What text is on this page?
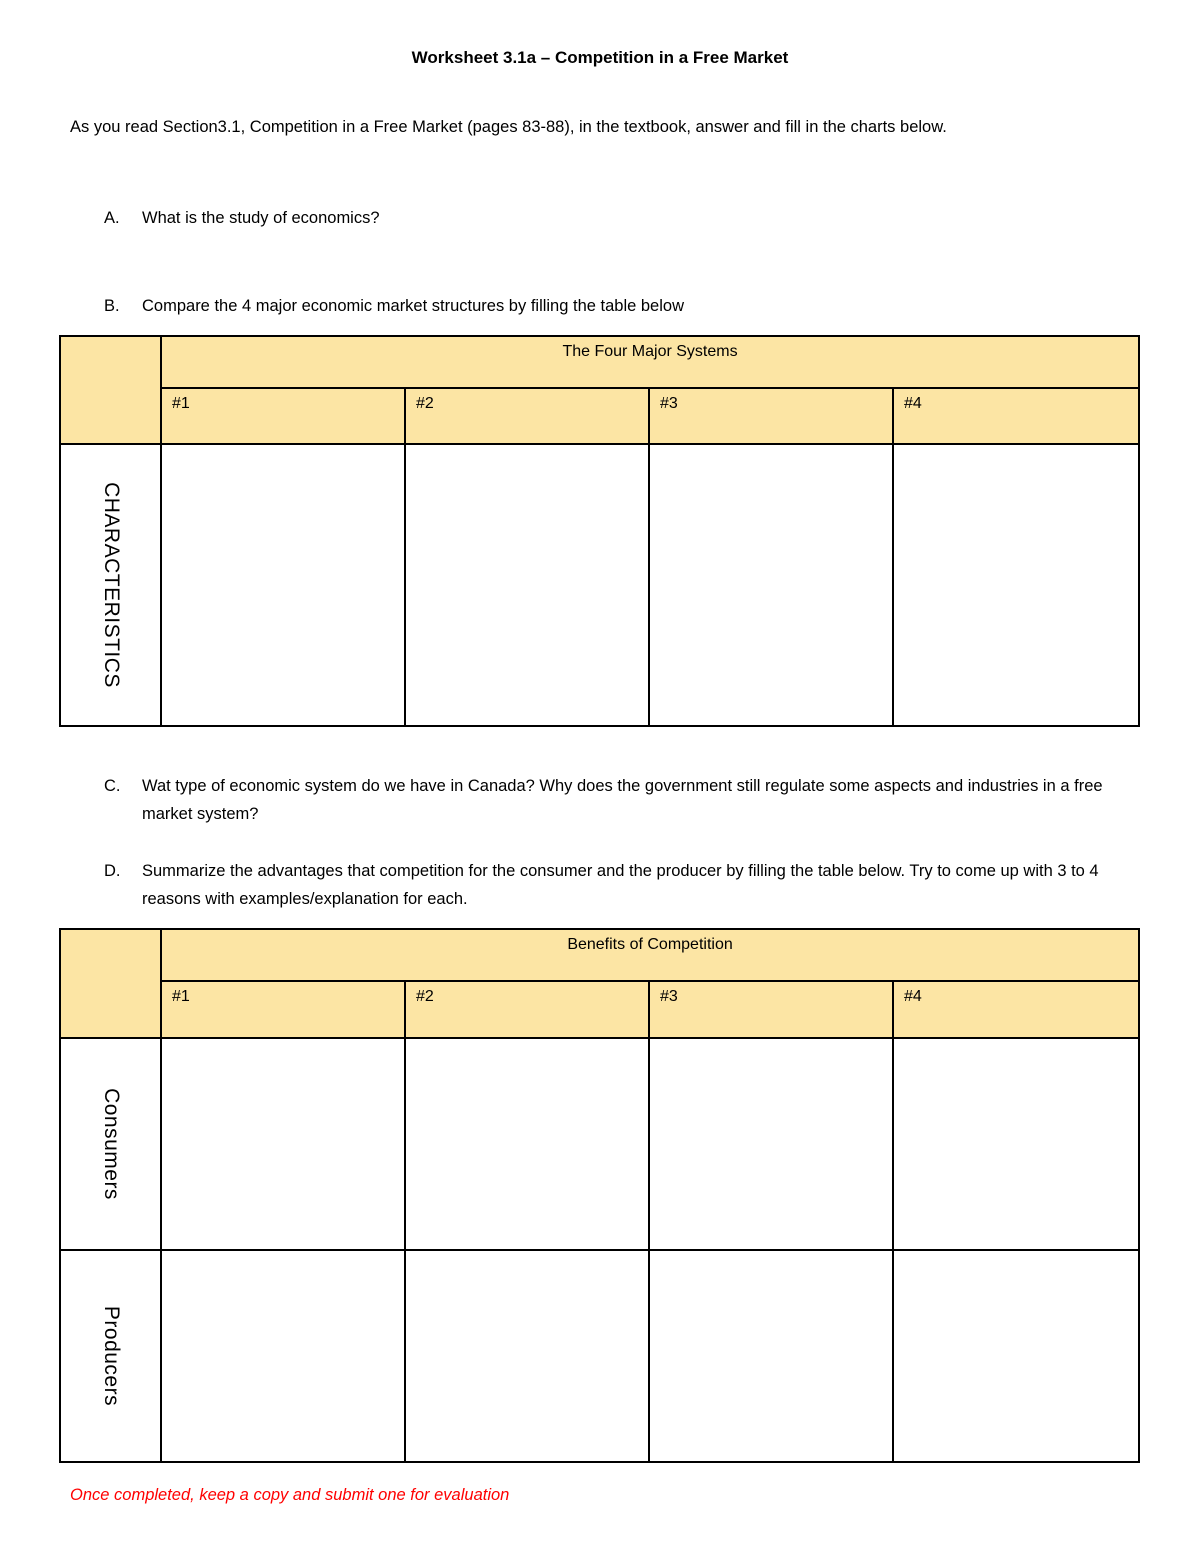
Worksheet 3.1a – Competition in a Free Market
As you read Section3.1, Competition in a Free Market (pages 83-88), in the textbook, answer and fill in the charts below.
A.	What is the study of economics?
B.	Compare the 4 major economic market structures by filling the table below
	The Four Major Systems			
	#1	#2	#3	#4

CHARACTERISTICS				

C.	Wat type of economic system do we have in Canada? Why does the government still regulate some aspects and industries in a free market system?
D.	Summarize the advantages that competition for the consumer and the producer by filling the table below. Try to come up with 3 to 4 reasons with examples/explanation for each.
	Benefits of Competition			
	#1	#2	#3	#4

Consumers				

Producers				

Once completed, keep a copy and submit one for evaluation
